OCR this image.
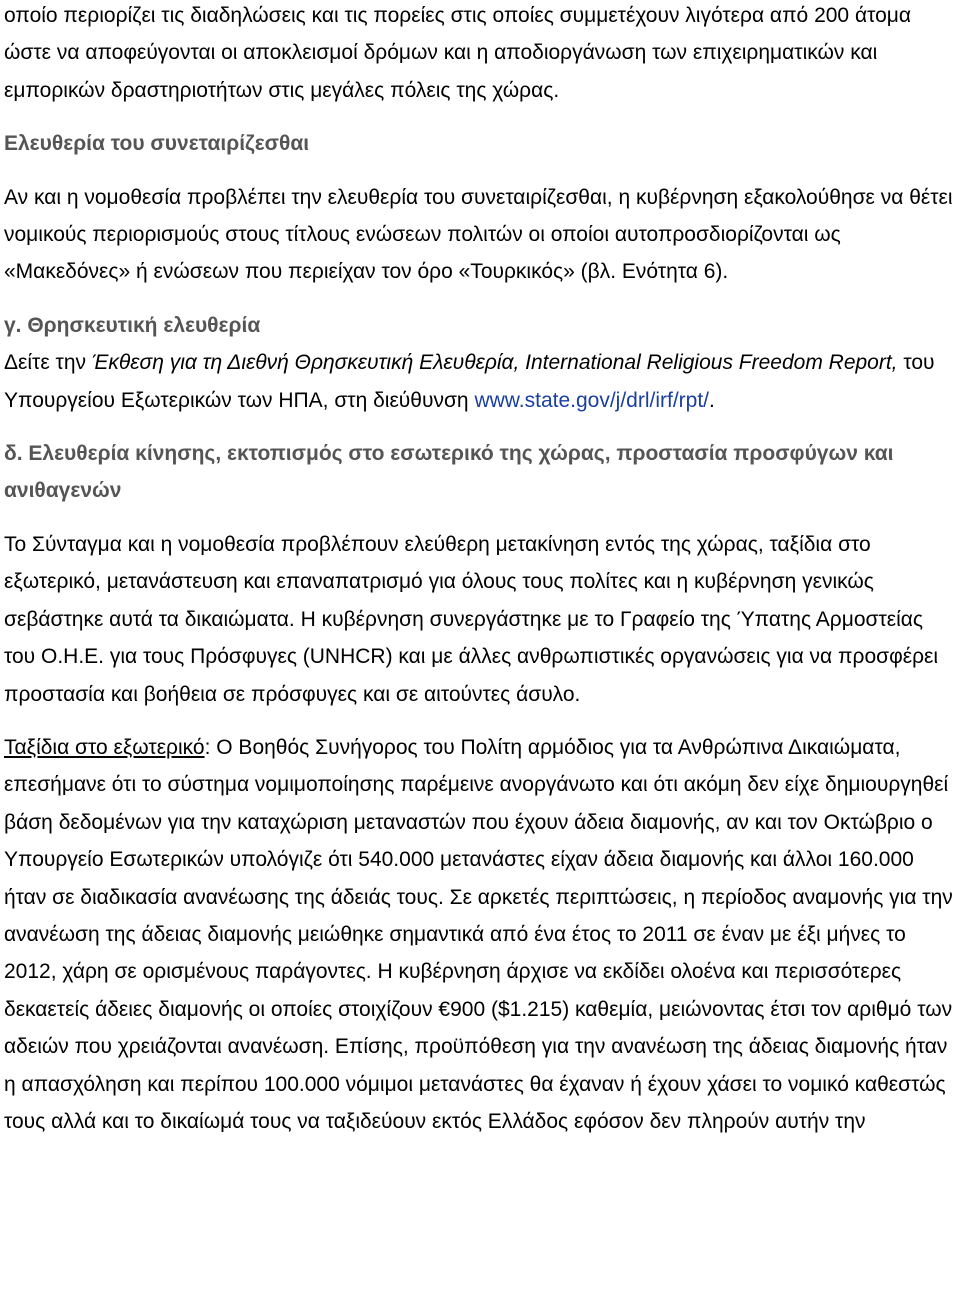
οποίο περιορίζει τις διαδηλώσεις και τις πορείες στις οποίες συμμετέχουν λιγότερα από 200 άτομα ώστε να αποφεύγονται οι αποκλεισμοί δρόμων και η αποδιοργάνωση των επιχειρηματικών και εμπορικών δραστηριοτήτων στις μεγάλες πόλεις της χώρας.

Ελευθερία του συνεταιρίζεσθαι

Αν και η νομοθεσία προβλέπει την ελευθερία του συνεταιρίζεσθαι, η κυβέρνηση εξακολούθησε να θέτει νομικούς περιορισμούς στους τίτλους ενώσεων πολιτών οι οποίοι αυτοπροσδιορίζονται ως «Μακεδόνες» ή ενώσεων που περιείχαν τον όρο «Τουρκικός» (βλ. Ενότητα 6).

γ. Θρησκευτική ελευθερία

Δείτε την Έκθεση για τη Διεθνή Θρησκευτική Ελευθερία, International Religious Freedom Report, του Υπουργείου Εξωτερικών των ΗΠΑ, στη διεύθυνση www.state.gov/j/drl/irf/rpt/.

δ. Ελευθερία κίνησης, εκτοπισμός στο εσωτερικό της χώρας, προστασία προσφύγων και ανιθαγενών

Το Σύνταγμα και η νομοθεσία προβλέπουν ελεύθερη μετακίνηση εντός της χώρας, ταξίδια στο εξωτερικό, μετανάστευση και επαναπατρισμό για όλους τους πολίτες και η κυβέρνηση γενικώς σεβάστηκε αυτά τα δικαιώματα. Η κυβέρνηση συνεργάστηκε με το Γραφείο της Ύπατης Αρμοστείας του Ο.Η.Ε. για τους Πρόσφυγες (UNHCR) και με άλλες ανθρωπιστικές οργανώσεις για να προσφέρει προστασία και βοήθεια σε πρόσφυγες και σε αιτούντες άσυλο.

Ταξίδια στο εξωτερικό: Ο Βοηθός Συνήγορος του Πολίτη αρμόδιος για τα Ανθρώπινα Δικαιώματα, επεσήμανε ότι το σύστημα νομιμοποίησης παρέμεινε ανοργάνωτο και ότι ακόμη δεν είχε δημιουργηθεί βάση δεδομένων για την καταχώριση μεταναστών που έχουν άδεια διαμονής, αν και τον Οκτώβριο ο Υπουργείο Εσωτερικών υπολόγιζε ότι 540.000 μετανάστες είχαν άδεια διαμονής και άλλοι 160.000 ήταν σε διαδικασία ανανέωσης της άδειάς τους. Σε αρκετές περιπτώσεις, η περίοδος αναμονής για την ανανέωση της άδειας διαμονής μειώθηκε σημαντικά από ένα έτος το 2011 σε έναν με έξι μήνες το 2012, χάρη σε ορισμένους παράγοντες. Η κυβέρνηση άρχισε να εκδίδει ολοένα και περισσότερες δεκαετείς άδειες διαμονής οι οποίες στοιχίζουν €900 ($1.215) καθεμία, μειώνοντας έτσι τον αριθμό των αδειών που χρειάζονται ανανέωση. Επίσης, προϋπόθεση για την ανανέωση της άδειας διαμονής ήταν η απασχόληση και περίπου 100.000 νόμιμοι μετανάστες θα έχαναν ή έχουν χάσει το νομικό καθεστώς τους αλλά και το δικαίωμά τους να ταξιδεύουν εκτός Ελλάδος εφόσον δεν πληρούν αυτήν την
